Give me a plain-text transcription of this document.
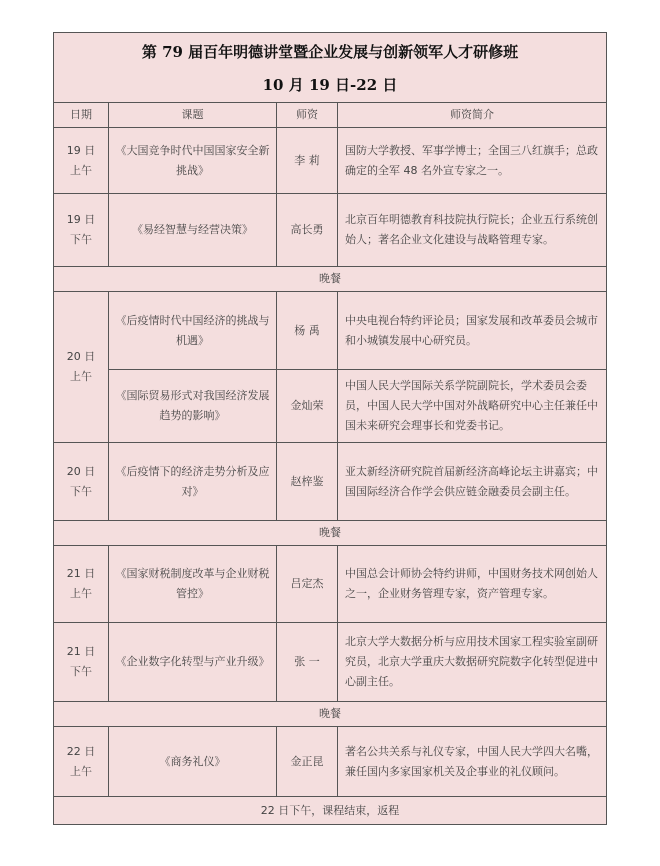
第 79 届百年明德讲堂暨企业发展与创新领军人才研修班
10 月 19 日-22 日			

日期	课题	师资	师资简介
19 日
上午	《大国竞争时代中国国家安全新挑战》	李 莉	国防大学教授、军事学博士；全国三八红旗手；总政确定的全军 48 名外宣专家之一。
19 日
下午	《易经智慧与经营决策》	高长勇	北京百年明德教育科技院执行院长；企业五行系统创始人；著名企业文化建设与战略管理专家。
晚餐			
20 日
上午	《后疫情时代中国经济的挑战与机遇》	杨 禹	中央电视台特约评论员；国家发展和改革委员会城市和小城镇发展中心研究员。
	《国际贸易形式对我国经济发展趋势的影响》	金灿荣	中国人民大学国际关系学院副院长，学术委员会委员，中国人民大学中国对外战略研究中心主任兼任中国未来研究会理事长和党委书记。
20 日
下午	《后疫情下的经济走势分析及应对》	赵梓鉴	亚太新经济研究院首届新经济高峰论坛主讲嘉宾；中国国际经济合作学会供应链金融委员会副主任。
晚餐			
21 日
上午	《国家财税制度改革与企业财税管控》	吕定杰	中国总会计师协会特约讲师，中国财务技术网创始人之一，企业财务管理专家，资产管理专家。
21 日
下午	《企业数字化转型与产业升级》	张 一	北京大学大数据分析与应用技术国家工程实验室副研究员，北京大学重庆大数据研究院数字化转型促进中心副主任。
晚餐			
22 日
上午	《商务礼仪》	金正昆	著名公共关系与礼仪专家，中国人民大学四大名嘴，兼任国内多家国家机关及企事业的礼仪顾问。
22 日下午，课程结束，返程			
